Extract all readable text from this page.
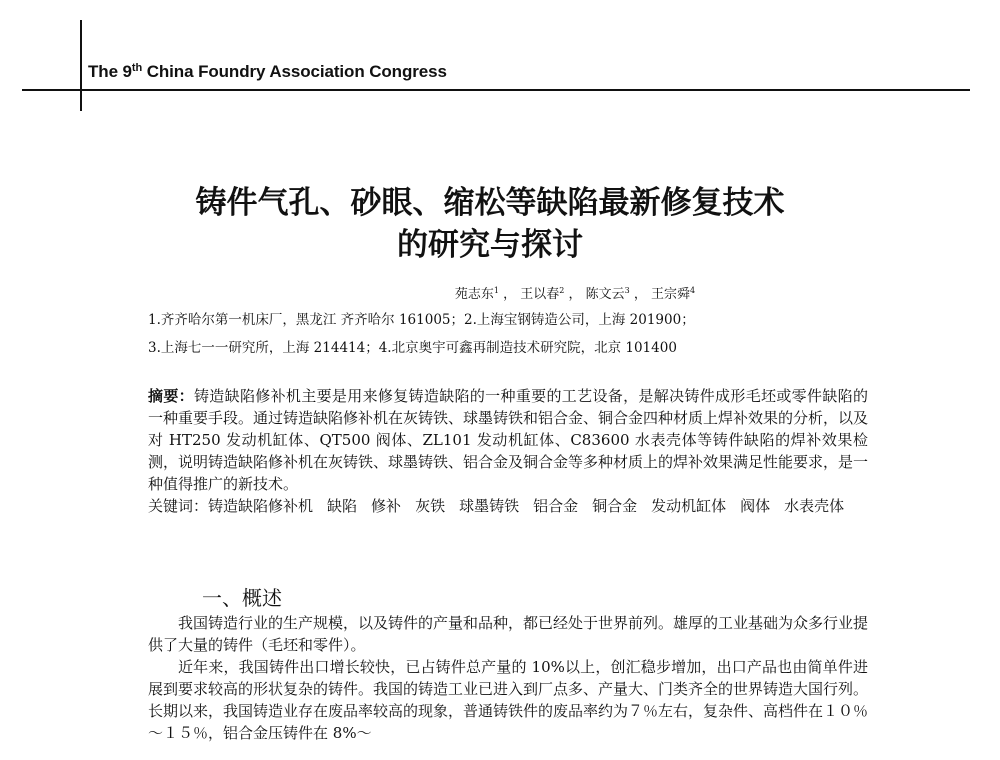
The 9th China Foundry Association Congress
铸件气孔、砂眼、缩松等缺陷最新修复技术
的研究与探讨
苑志东$^1$ ， 王以春$^2$ ， 陈文云$^3$ ， 王宗舜$^4$
1.齐齐哈尔第一机床厂，黑龙江 齐齐哈尔 161005；2.上海宝钢铸造公司，上海 201900；
3.上海七一一研究所，上海 214414；4.北京奥宇可鑫再制造技术研究院，北京 101400
摘要：铸造缺陷修补机主要是用来修复铸造缺陷的一种重要的工艺设备，是解决铸件成形毛坯或零件缺陷的一种重要手段。通过铸造缺陷修补机在灰铸铁、球墨铸铁和铝合金、铜合金四种材质上焊补效果的分析，以及对 HT250 发动机缸体、QT500 阀体、ZL101 发动机缸体、C83600 水表壳体等铸件缺陷的焊补效果检测，说明铸造缺陷修补机在灰铸铁、球墨铸铁、铝合金及铜合金等多种材质上的焊补效果满足性能要求，是一种值得推广的新技术。
关键词：铸造缺陷修补机 缺陷 修补 灰铁 球墨铸铁 铝合金 铜合金 发动机缸体 阀体 水表壳体
一、概述

我国铸造行业的生产规模，以及铸件的产量和品种，都已经处于世界前列。雄厚的工业基础为众多行业提供了大量的铸件（毛坯和零件）。

近年来，我国铸件出口增长较快，已占铸件总产量的 10%以上，创汇稳步增加，出口产品也由简单件进展到要求较高的形状复杂的铸件。我国的铸造工业已进入到厂点多、产量大、门类齐全的世界铸造大国行列。长期以来，我国铸造业存在废品率较高的现象，普通铸铁件的废品率约为７％左右，复杂件、高档件在１０％～１５％，铝合金压铸件在 8%～
